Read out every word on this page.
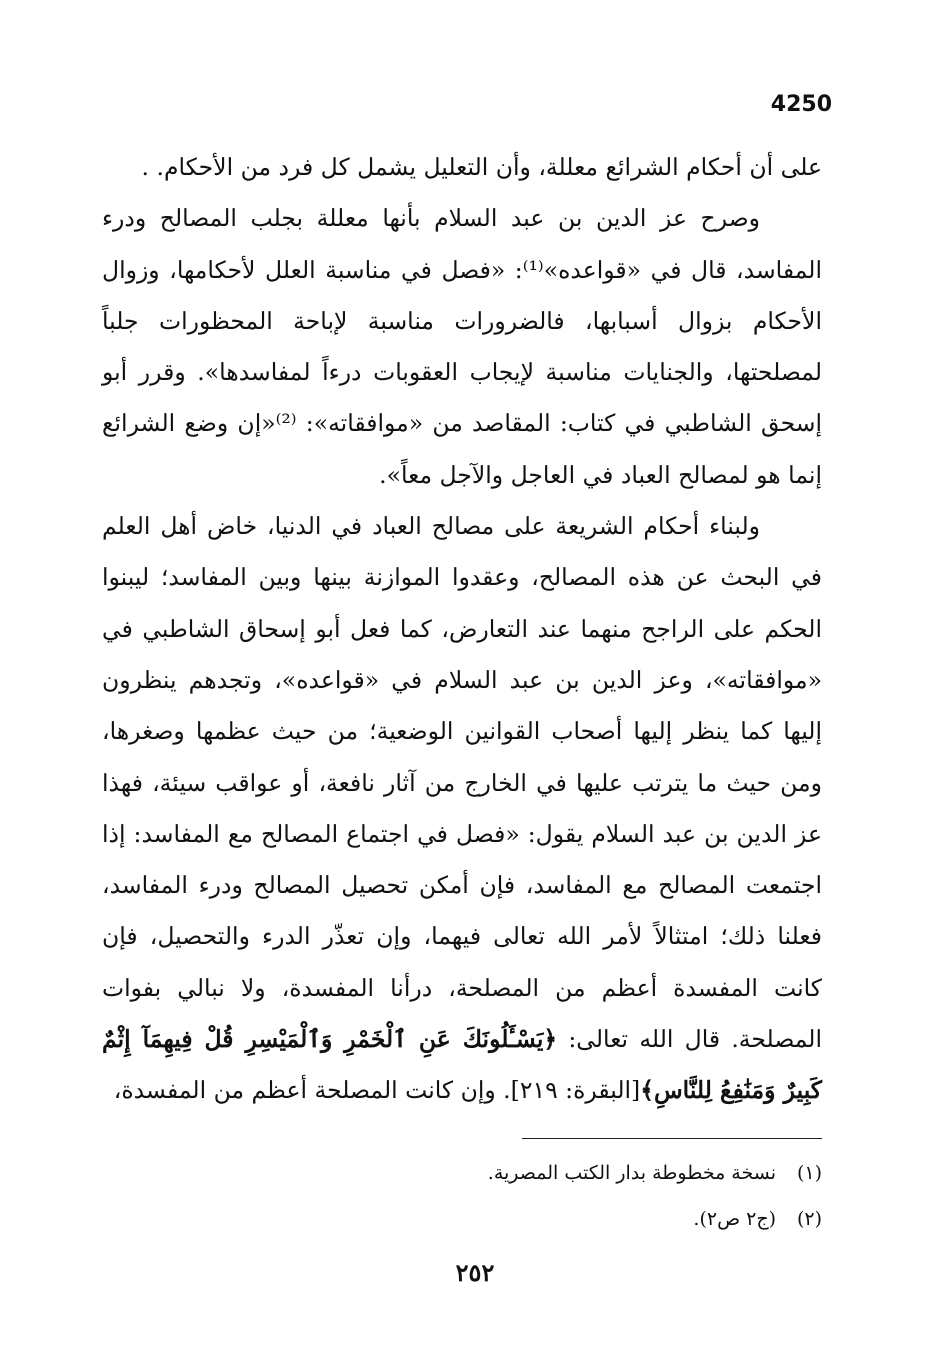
4250

على أن أحكام الشرائع معللة، وأن التعليل يشمل كل فرد من الأحكام. .

وصرح عز الدين بن عبد السلام بأنها معللة بجلب المصالح ودرء المفاسد، قال في «قواعده»⁽¹⁾: «فصل في مناسبة العلل لأحكامها، وزوال الأحكام بزوال أسبابها، فالضرورات مناسبة لإباحة المحظورات جلباً لمصلحتها، والجنايات مناسبة لإيجاب العقوبات درءاً لمفاسدها». وقرر أبو إسحق الشاطبي في كتاب: المقاصد من «موافقاته»: ⁽²⁾«إن وضع الشرائع إنما هو لمصالح العباد في العاجل والآجل معاً».

ولبناء أحكام الشريعة على مصالح العباد في الدنيا، خاض أهل العلم في البحث عن هذه المصالح، وعقدوا الموازنة بينها وبين المفاسد؛ ليبنوا الحكم على الراجح منهما عند التعارض، كما فعل أبو إسحاق الشاطبي في «موافقاته»، وعز الدين بن عبد السلام في «قواعده»، وتجدهم ينظرون إليها كما ينظر إليها أصحاب القوانين الوضعية؛ من حيث عظمها وصغرها، ومن حيث ما يترتب عليها في الخارج من آثار نافعة، أو عواقب سيئة، فهذا عز الدين بن عبد السلام يقول: «فصل في اجتماع المصالح مع المفاسد: إذا اجتمعت المصالح مع المفاسد، فإن أمكن تحصيل المصالح ودرء المفاسد، فعلنا ذلك؛ امتثالاً لأمر الله تعالى فيهما، وإن تعذّر الدرء والتحصيل، فإن كانت المفسدة أعظم من المصلحة، درأنا المفسدة، ولا نبالي بفوات المصلحة. قال الله تعالى: ﴿يَسْـَٔلُونَكَ عَنِ ٱلْخَمْرِ وَٱلْمَيْسِرِ قُلْ فِيهِمَآ إِثْمٌ كَبِيرٌ وَمَنَٰفِعُ لِلنَّاسِ﴾[البقرة: ٢١٩]. وإن كانت المصلحة أعظم من المفسدة،

(١)نسخة مخطوطة بدار الكتب المصرية.

(٢)(ج٢ ص٢).

٢٥٢
